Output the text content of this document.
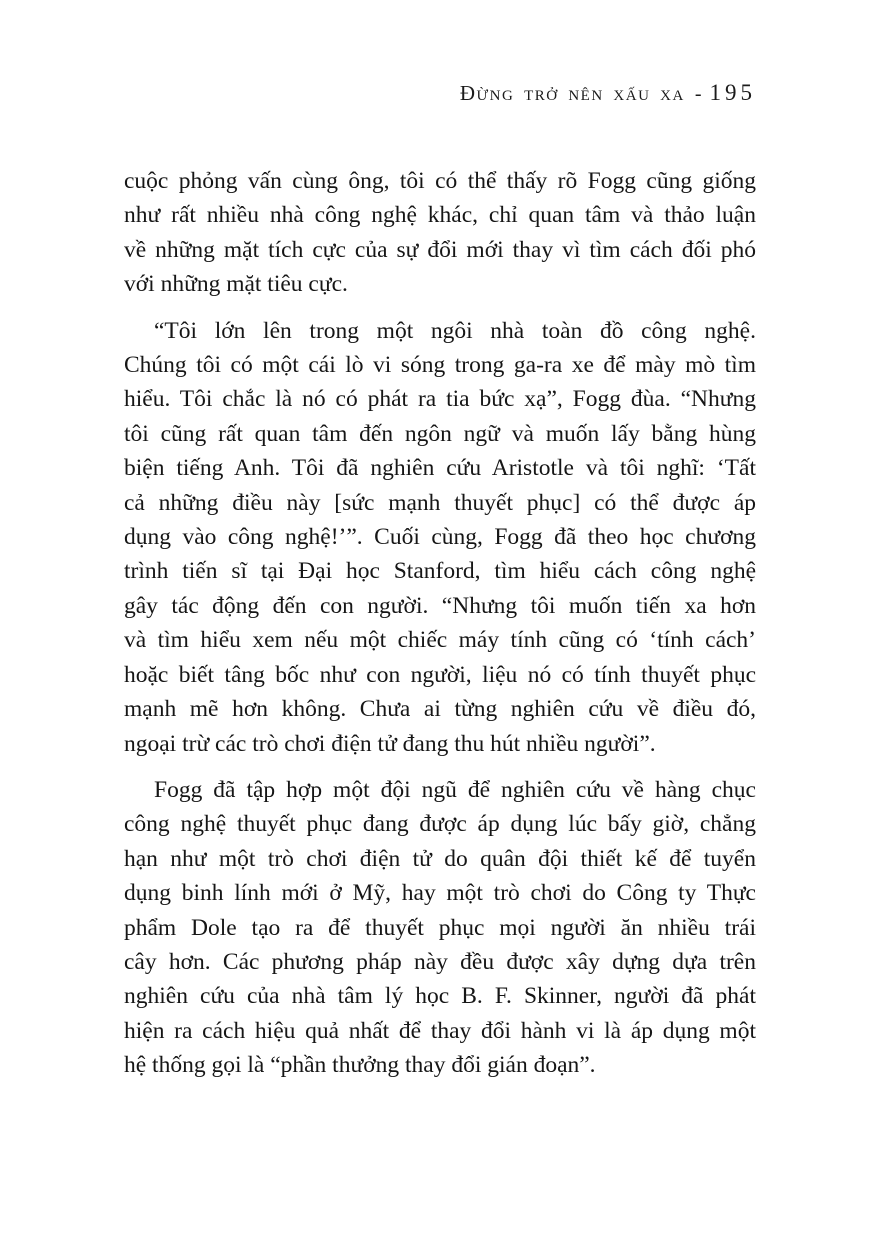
Đừng trở nên xấu xa - 195

cuộc phỏng vấn cùng ông, tôi có thể thấy rõ Fogg cũng giống
như rất nhiều nhà công nghệ khác, chỉ quan tâm và thảo luận
về những mặt tích cực của sự đổi mới thay vì tìm cách đối phó
với những mặt tiêu cực.

“Tôi lớn lên trong một ngôi nhà toàn đồ công nghệ.
Chúng tôi có một cái lò vi sóng trong ga-ra xe để mày mò tìm
hiểu. Tôi chắc là nó có phát ra tia bức xạ”, Fogg đùa. “Nhưng
tôi cũng rất quan tâm đến ngôn ngữ và muốn lấy bằng hùng
biện tiếng Anh. Tôi đã nghiên cứu Aristotle và tôi nghĩ: ‘Tất
cả những điều này [sức mạnh thuyết phục] có thể được áp
dụng vào công nghệ!’”. Cuối cùng, Fogg đã theo học chương
trình tiến sĩ tại Đại học Stanford, tìm hiểu cách công nghệ
gây tác động đến con người. “Nhưng tôi muốn tiến xa hơn
và tìm hiểu xem nếu một chiếc máy tính cũng có ‘tính cách’
hoặc biết tâng bốc như con người, liệu nó có tính thuyết phục
mạnh mẽ hơn không. Chưa ai từng nghiên cứu về điều đó,
ngoại trừ các trò chơi điện tử đang thu hút nhiều người”.

Fogg đã tập hợp một đội ngũ để nghiên cứu về hàng chục
công nghệ thuyết phục đang được áp dụng lúc bấy giờ, chẳng
hạn như một trò chơi điện tử do quân đội thiết kế để tuyển
dụng binh lính mới ở Mỹ, hay một trò chơi do Công ty Thực
phẩm Dole tạo ra để thuyết phục mọi người ăn nhiều trái
cây hơn. Các phương pháp này đều được xây dựng dựa trên
nghiên cứu của nhà tâm lý học B. F. Skinner, người đã phát
hiện ra cách hiệu quả nhất để thay đổi hành vi là áp dụng một
hệ thống gọi là “phần thưởng thay đổi gián đoạn”.
